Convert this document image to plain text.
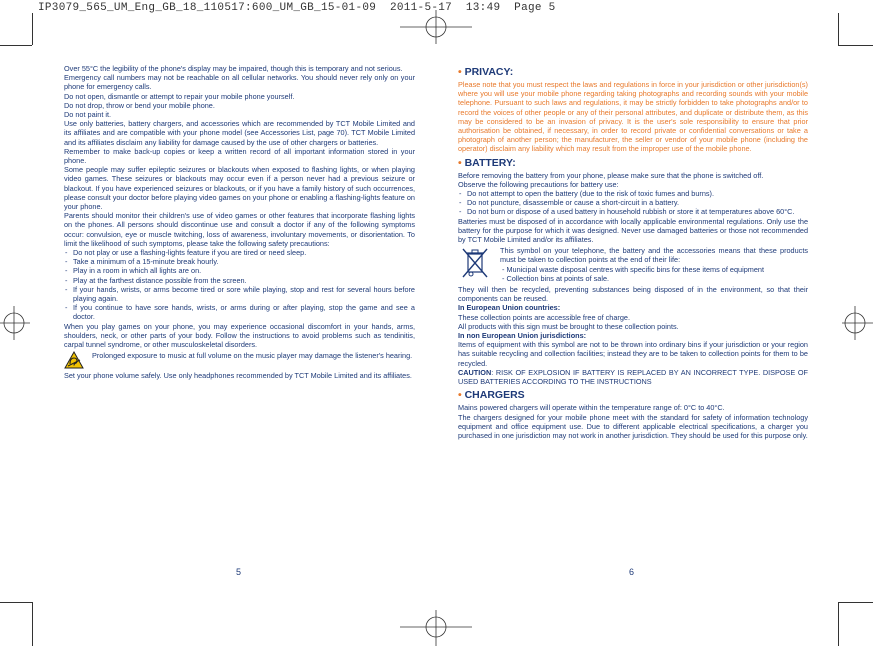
IP3079_565_UM_Eng_GB_18_110517:600_UM_GB_15-01-09  2011-5-17  13:49  Page 5

Over 55°C the legibility of the phone's display may be impaired, though this is temporary and not serious.

Emergency call numbers may not be reachable on all cellular networks. You should never rely only on your phone for emergency calls.

Do not open, dismantle or attempt to repair your mobile phone yourself.

Do not drop, throw or bend your mobile phone.

Do not paint it.

Use only batteries, battery chargers, and accessories which are recommended by TCT Mobile Limited and its affiliates and are compatible with your phone model (see Accessories List, page 70). TCT Mobile Limited and its affiliates disclaim any liability for damage caused by the use of other chargers or batteries.

Remember to make back-up copies or keep a written record of all important information stored in your phone.

Some people may suffer epileptic seizures or blackouts when exposed to flashing lights, or when playing video games. These seizures or blackouts may occur even if a person never had a previous seizure or blackout. If you have experienced seizures or blackouts, or if you have a family history of such occurrences, please consult your doctor before playing video games on your phone or enabling a flashing-lights feature on your phone.

Parents should monitor their children's use of video games or other features that incorporate flashing lights on the phones. All persons should discontinue use and consult a doctor if any of the following symptoms occur: convulsion, eye or muscle twitching, loss of awareness, involuntary movements, or disorientation. To limit the likelihood of such symptoms, please take the following safety precautions:

- Do not play or use a flashing-lights feature if you are tired or need sleep.
- Take a minimum of a 15-minute break hourly.
- Play in a room in which all lights are on.
- Play at the farthest distance possible from the screen.
- If your hands, wrists, or arms become tired or sore while playing, stop and rest for several hours before playing again.
- If you continue to have sore hands, wrists, or arms during or after playing, stop the game and see a doctor.

When you play games on your phone, you may experience occasional discomfort in your hands, arms, shoulders, neck, or other parts of your body. Follow the instructions to avoid problems such as tendinitis, carpal tunnel syndrome, or other musculoskeletal disorders.

Prolonged exposure to music at full volume on the music player may damage the listener's hearing.

Set your phone volume safely. Use only headphones recommended by TCT Mobile Limited and its affiliates.

5
• PRIVACY:

Please note that you must respect the laws and regulations in force in your jurisdiction or other jurisdiction(s) where you will use your mobile phone regarding taking photographs and recording sounds with your mobile telephone. Pursuant to such laws and regulations, it may be strictly forbidden to take photographs and/or to record the voices of other people or any of their personal attributes, and duplicate or distribute them, as this may be considered to be an invasion of privacy. It is the user's sole responsibility to ensure that prior authorisation be obtained, if necessary, in order to record private or confidential conversations or take a photograph of another person; the manufacturer, the seller or vendor of your mobile phone (including the operator) disclaim any liability which may result from the improper use of the mobile phone.

• BATTERY:

Before removing the battery from your phone, please make sure that the phone is switched off.

Observe the following precautions for battery use:

- Do not attempt to open the battery (due to the risk of toxic fumes and burns).
- Do not puncture, disassemble or cause a short-circuit in a battery.
- Do not burn or dispose of a used battery in household rubbish or store it at temperatures above 60°C.

Batteries must be disposed of in accordance with locally applicable environmental regulations. Only use the battery for the purpose for which it was designed. Never use damaged batteries or those not recommended by TCT Mobile Limited and/or its affiliates.

This symbol on your telephone, the battery and the accessories means that these products must be taken to collection points at the end of their life:

- Municipal waste disposal centres with specific bins for these items of equipment

- Collection bins at points of sale.

They will then be recycled, preventing substances being disposed of in the environment, so that their components can be reused.

In European Union countries:

These collection points are accessible free of charge.

All products with this sign must be brought to these collection points.

In non European Union jurisdictions:

Items of equipment with this symbol are not to be thrown into ordinary bins if your jurisdiction or your region has suitable recycling and collection facilities; instead they are to be taken to collection points for them to be recycled.

CAUTION: RISK OF EXPLOSION IF BATTERY IS REPLACED BY AN INCORRECT TYPE. DISPOSE OF USED BATTERIES ACCORDING TO THE INSTRUCTIONS

• CHARGERS

Mains powered chargers will operate within the temperature range of: 0°C to 40°C.

The chargers designed for your mobile phone meet with the standard for safety of information technology equipment and office equipment use. Due to different applicable electrical specifications, a charger you purchased in one jurisdiction may not work in another jurisdiction. They should be used for this purpose only.

6
